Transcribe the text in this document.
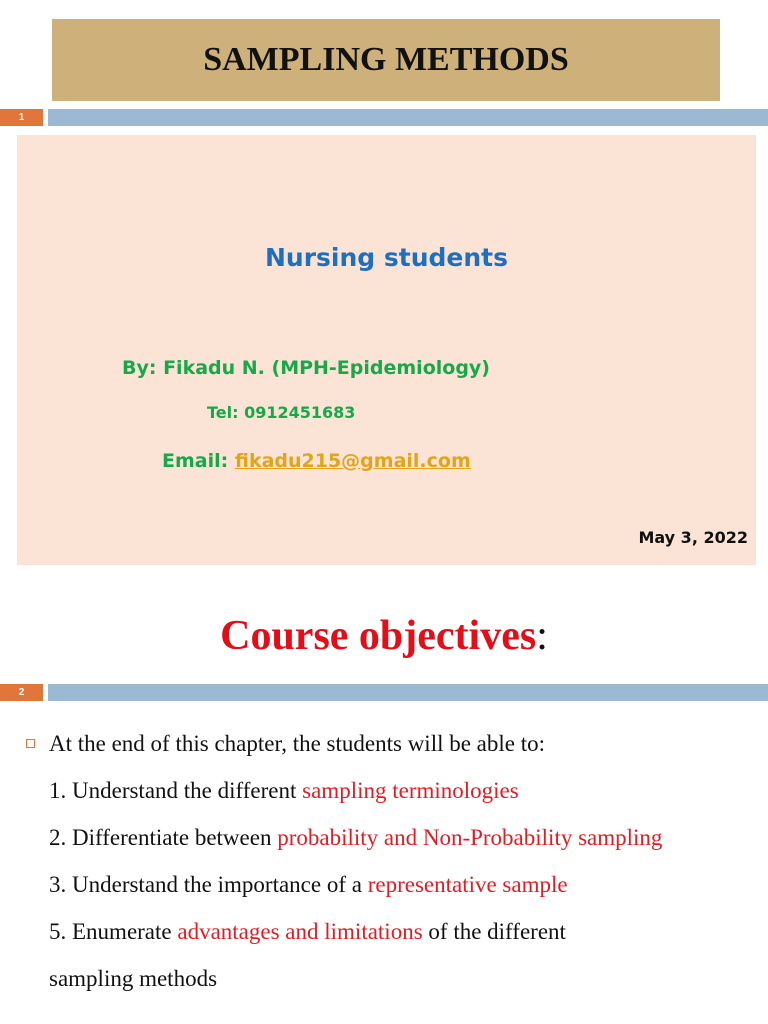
SAMPLING METHODS
1
Nursing students
By: Fikadu N. (MPH-Epidemiology)
Tel: 0912451683
Email: fikadu215@gmail.com
May 3, 2022
Course objectives:
2
At the end of this chapter, the students will be able to:
1. Understand the different sampling terminologies
2. Differentiate between probability and Non-Probability sampling
3. Understand the importance of a representative sample
5. Enumerate advantages and limitations of the different
sampling methods
